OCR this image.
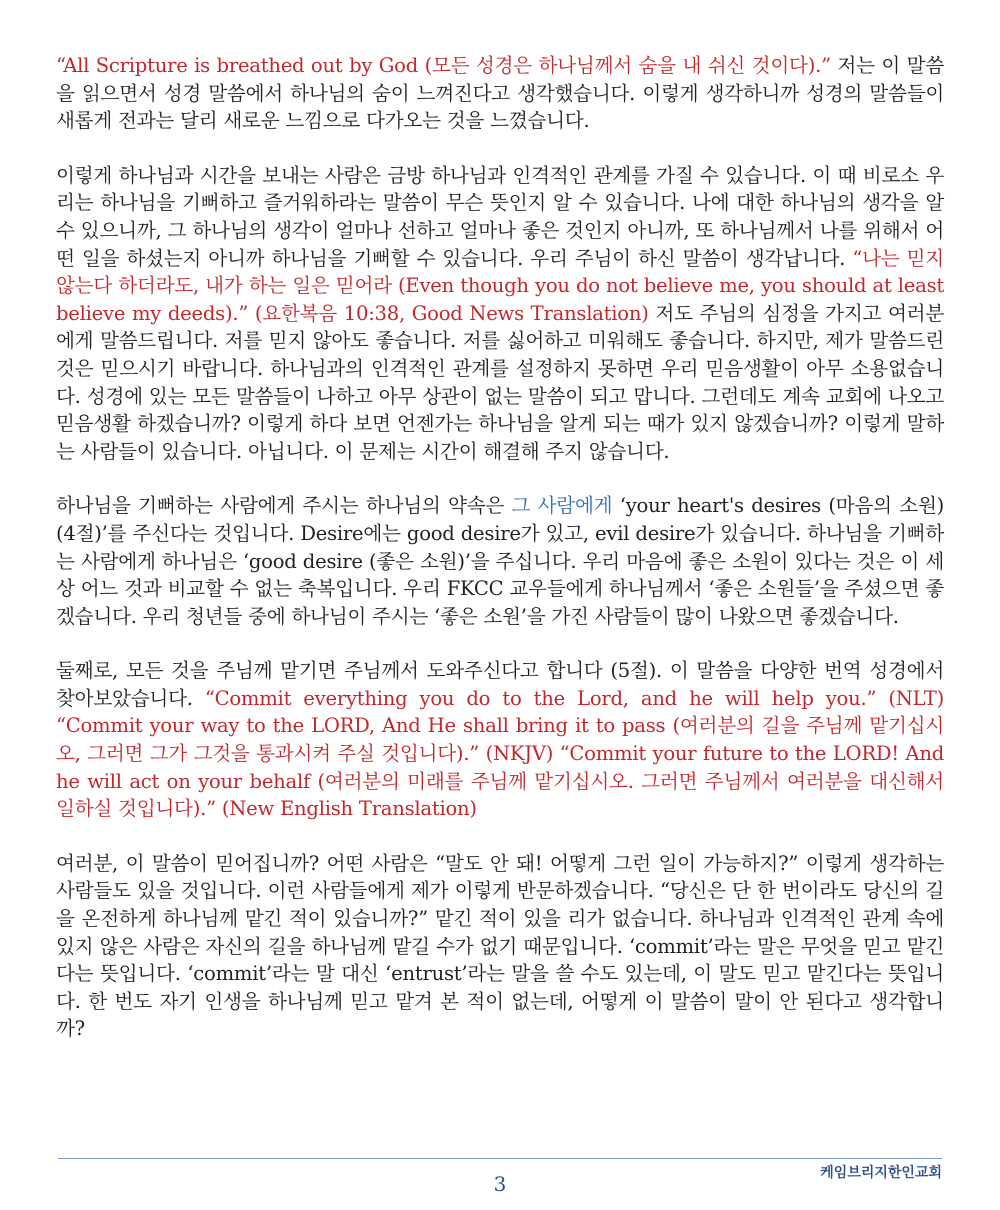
“All Scripture is breathed out by God (모든 성경은 하나님께서 숨을 내 쉬신 것이다).” 저는 이 말씀을 읽으면서 성경 말씀에서 하나님의 숨이 느껴진다고 생각했습니다. 이렇게 생각하니까 성경의 말씀들이 새롭게 전과는 달리 새로운 느낌으로 다가오는 것을 느꼈습니다.

이렇게 하나님과 시간을 보내는 사람은 금방 하나님과 인격적인 관계를 가질 수 있습니다. 이 때 비로소 우리는 하나님을 기뻐하고 즐거워하라는 말씀이 무슨 뜻인지 알 수 있습니다. 나에 대한 하나님의 생각을 알 수 있으니까, 그 하나님의 생각이 얼마나 선하고 얼마나 좋은 것인지 아니까, 또 하나님께서 나를 위해서 어떤 일을 하셨는지 아니까 하나님을 기뻐할 수 있습니다. 우리 주님이 하신 말씀이 생각납니다. “나는 믿지 않는다 하더라도, 내가 하는 일은 믿어라 (Even though you do not believe me, you should at least believe my deeds).” (요한복음 10:38, Good News Translation) 저도 주님의 심정을 가지고 여러분에게 말씀드립니다. 저를 믿지 않아도 좋습니다. 저를 싫어하고 미워해도 좋습니다. 하지만, 제가 말씀드린 것은 믿으시기 바랍니다. 하나님과의 인격적인 관계를 설정하지 못하면 우리 믿음생활이 아무 소용없습니다. 성경에 있는 모든 말씀들이 나하고 아무 상관이 없는 말씀이 되고 맙니다. 그런데도 계속 교회에 나오고 믿음생활 하겠습니까? 이렇게 하다 보면 언젠가는 하나님을 알게 되는 때가 있지 않겠습니까? 이렇게 말하는 사람들이 있습니다. 아닙니다. 이 문제는 시간이 해결해 주지 않습니다.

하나님을 기뻐하는 사람에게 주시는 하나님의 약속은 그 사람에게 ‘your heart's desires (마음의 소원) (4절)’를 주신다는 것입니다. Desire에는 good desire가 있고, evil desire가 있습니다. 하나님을 기뻐하는 사람에게 하나님은 ‘good desire (좋은 소원)’을 주십니다. 우리 마음에 좋은 소원이 있다는 것은 이 세상 어느 것과 비교할 수 없는 축복입니다. 우리 FKCC 교우들에게 하나님께서 ‘좋은 소원들’을 주셨으면 좋겠습니다. 우리 청년들 중에 하나님이 주시는 ‘좋은 소원’을 가진 사람들이 많이 나왔으면 좋겠습니다.

둘째로, 모든 것을 주님께 맡기면 주님께서 도와주신다고 합니다 (5절). 이 말씀을 다양한 번역 성경에서 찾아보았습니다. “Commit everything you do to the Lord, and he will help you.” (NLT) “Commit your way to the LORD, And He shall bring it to pass (여러분의 길을 주님께 맡기십시오, 그러면 그가 그것을 통과시켜 주실 것입니다).” (NKJV) “Commit your future to the LORD! And he will act on your behalf (여러분의 미래를 주님께 맡기십시오. 그러면 주님께서 여러분을 대신해서 일하실 것입니다).” (New English Translation)

여러분, 이 말씀이 믿어집니까? 어떤 사람은 “말도 안 돼! 어떻게 그런 일이 가능하지?” 이렇게 생각하는 사람들도 있을 것입니다. 이런 사람들에게 제가 이렇게 반문하겠습니다. “당신은 단 한 번이라도 당신의 길을 온전하게 하나님께 맡긴 적이 있습니까?” 맡긴 적이 있을 리가 없습니다. 하나님과 인격적인 관계 속에 있지 않은 사람은 자신의 길을 하나님께 맡길 수가 없기 때문입니다. ‘commit’라는 말은 무엇을 믿고 맡긴다는 뜻입니다. ‘commit’라는 말 대신 ‘entrust’라는 말을 쓸 수도 있는데, 이 말도 믿고 맡긴다는 뜻입니다. 한 번도 자기 인생을 하나님께 믿고 맡겨 본 적이 없는데, 어떻게 이 말씀이 말이 안 된다고 생각합니까?

3	케임브리지한인교회
